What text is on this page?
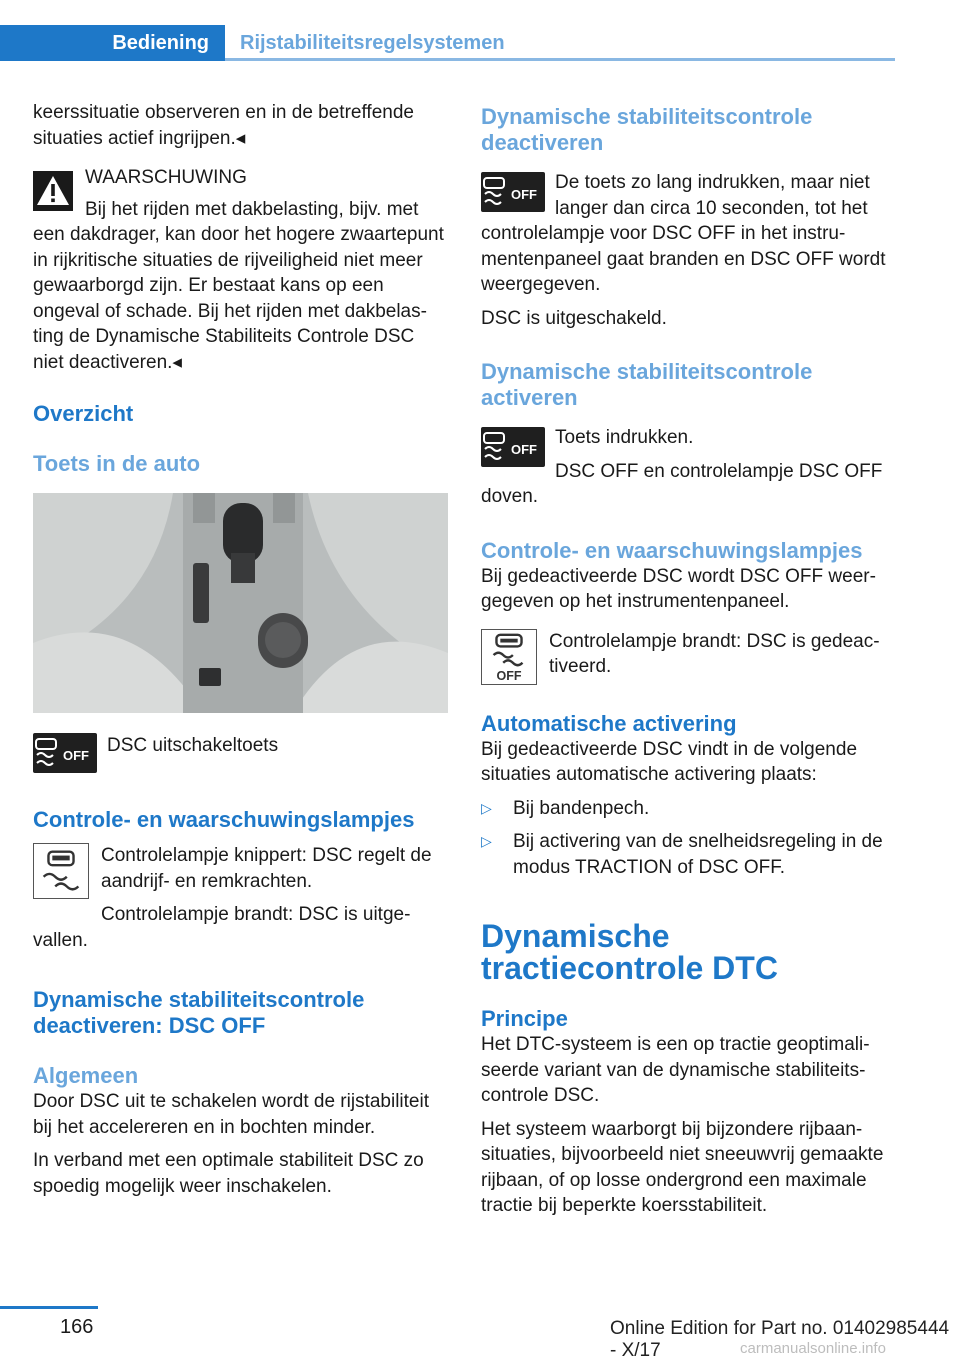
Bediening	Rijstabiliteitsregelsystemen

keerssituatie observeren en in de betreffende situaties actief ingrijpen.◂

WAARSCHUWING

Bij het rijden met dakbelasting, bijv. met een dakdrager, kan door het hogere zwaartepunt in rijkritische situaties de rijveiligheid niet meer gewaarborgd zijn. Er bestaat kans op een ongeval of schade. Bij het rijden met dakbelasting de Dynamische Stabiliteits Controle DSC niet deactiveren.◂

Overzicht

Toets in de auto

OFF DSC uitschakeltoets

Controle- en waarschuwingslampjes

Controlelampje knippert: DSC regelt de aandrijf- en remkrachten.

Controlelampje brandt: DSC is uitgevallen.

Dynamische stabiliteitscontrole deactiveren: DSC OFF

Algemeen

Door DSC uit te schakelen wordt de rijstabiliteit bij het accelereren en in bochten minder.

In verband met een optimale stabiliteit DSC zo spoedig mogelijk weer inschakelen.

Dynamische stabiliteitscontrole deactiveren

OFF

De toets zo lang indrukken, maar niet langer dan circa 10 seconden, tot het controlelampje voor DSC OFF in het instrumentenpaneel gaat branden en DSC OFF wordt weergegeven.

DSC is uitgeschakeld.

Dynamische stabiliteitscontrole activeren

OFF

Toets indrukken.

DSC OFF en controlelampje DSC OFF doven.

Controle- en waarschuwingslampjes

Bij gedeactiveerde DSC wordt DSC OFF weergegeven op het instrumentenpaneel.

OFF

Controlelampje brandt: DSC is gedeactiveerd.

Automatische activering

Bij gedeactiveerde DSC vindt in de volgende situaties automatische activering plaats:

▷ Bij bandenpech.
▷ Bij activering van de snelheidsregeling in de modus TRACTION of DSC OFF.

Dynamische tractiecontrole DTC

Principe

Het DTC-systeem is een op tractie geoptimaliseerde variant van de dynamische stabiliteitscontrole DSC.

Het systeem waarborgt bij bijzondere rijbaansituaties, bijvoorbeeld niet sneeuwvrij gemaakte rijbaan, of op losse ondergrond een maximale tractie bij beperkte koersstabiliteit.

166	Online Edition for Part no. 01402985444 - X/17	carmanualsonline.info
